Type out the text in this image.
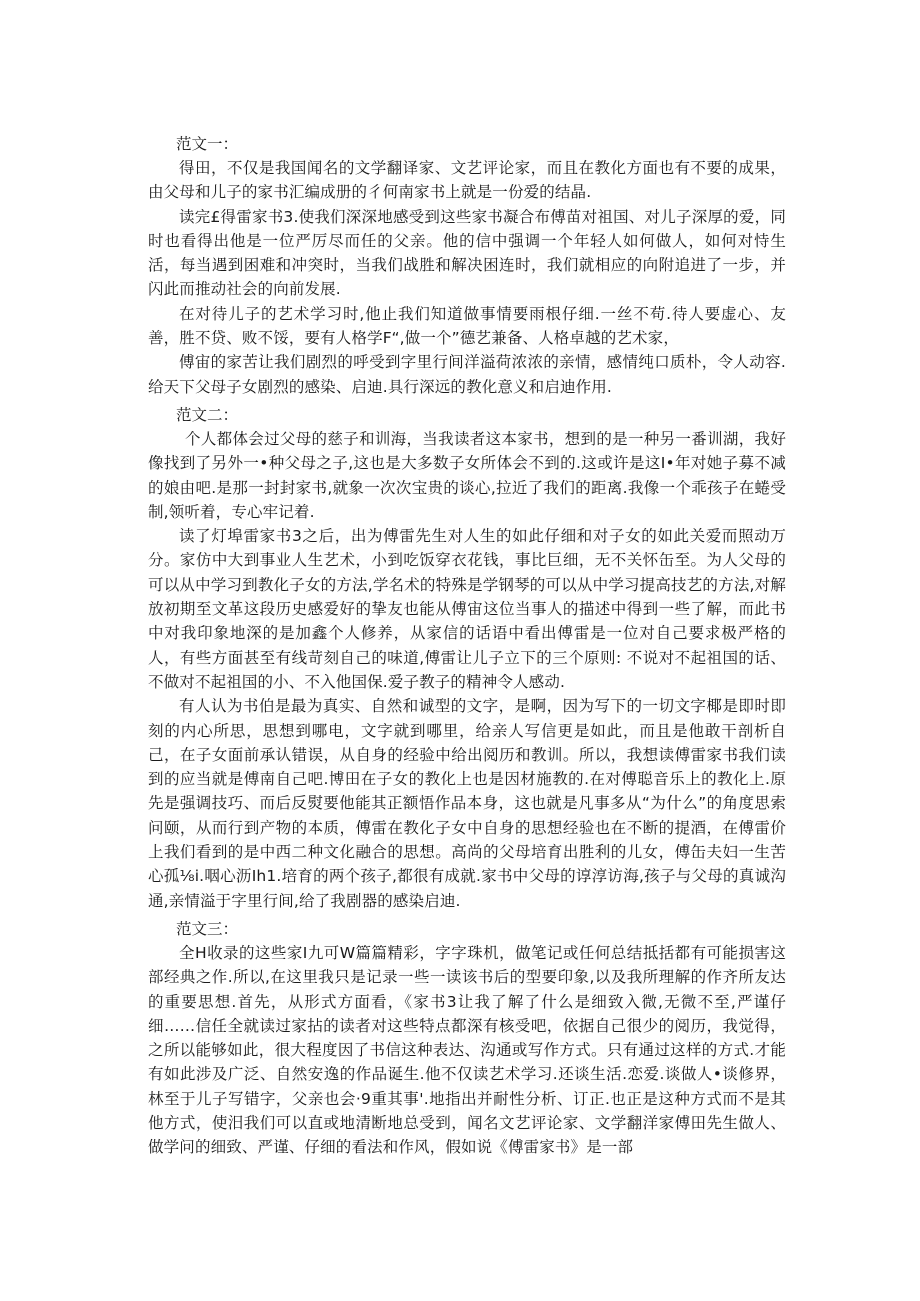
范文一：

得田，不仅是我国闻名的文学翻译家、文艺评论家，而且在教化方面也有不要的成果，由父母和儿子的家书汇编成册的彳何南家书上就是一份爱的结晶.

读完£得雷家书3.使我们深深地感受到这些家书凝合布傅苗对祖国、对儿子深厚的爱，同时也看得出他是一位严厉尽而任的父亲。他的信中强调一个年轻人如何做人，如何对恃生活，每当遇到困难和冲突时，当我们战胜和解决困连时，我们就相应的向附追进了一步，并闪此而推动社会的向前发展.

在对待儿子的艺术学习时,他止我们知道做事情要雨根仔细.一丝不苟.待人要虚心、友善，胜不贷、败不馁，要有人格学F“,做一个”德艺兼备、人格卓越的艺术家，

傅宙的家苦让我们剧烈的呼受到字里行间洋溢荷浓浓的亲情，感情纯口质朴，令人动容.给天下父母子女剧烈的感染、启迪.具行深远的教化意义和启迪作用.

范文二：

个人都体会过父母的慈子和训海，当我读者这本家书，想到的是一种另一番训湖，我好像找到了另外一•种父母之子,这也是大多数子女所体会不到的.这或许是这I•年对她子募不减的娘由吧.是那一封封家书,就象一次次宝贵的谈心,拉近了我们的距离.我像一个乖孩子在蜷受制,领听着，专心牢记着.

读了灯埠雷家书3之后，出为傅雷先生对人生的如此仔细和对子女的如此关爱而照动万分。家仿中大到事业人生艺术，小到吃饭穿衣花钱，事比巨细，无不关怀缶至。为人父母的可以从中学习到教化子女的方法,学名术的特殊是学钢琴的可以从中学习提高技艺的方法,对解放初期至文革这段历史感爱好的挚友也能从傅宙这位当事人的描述中得到一些了解，而此书中对我印象地深的是加鑫个人修养，从家信的话语中看出傅雷是一位对自己要求极严格的人，有些方面甚至有线苛刻自己的味道,傅雷让儿子立下的三个原则: 不说对不起祖国的话、不做对不起祖国的小、不入他国保.爱子教子的精神令人感动.

有人认为书伯是最为真实、自然和诚型的文字，是啊，因为写下的一切文字椰是即时即刻的内心所思，思想到哪电，文字就到哪里，给亲人写信更是如此，而且是他敢干剖析自己，在子女面前承认错误，从自身的经验中给出阅历和教训。所以，我想读傅雷家书我们读到的应当就是傅南自己吧.博田在子女的教化上也是因材施教的.在对傅聪音乐上的教化上.原先是强调技巧、而后反熨要他能其正额悟作品本身，这也就是凡事多从“为什么”的角度思索问颐，从而行到产物的本质，傅雷在教化子女中自身的思想经验也在不断的提酒，在傅雷价上我们看到的是中西二种文化融合的思想。高尚的父母培育出胜利的儿女，傅缶夫妇一生苦心孤⅛i.咽心沥Ih1.培育的两个孩子,都很有成就.家书中父母的谆淳访海,孩子与父母的真诚沟通,亲情溢于字里行间,给了我剧器的感染启迪.

范文三：

全H收录的这些家I九可W篇篇精彩，字字珠机，做笔记或任何总结抵括都有可能损害这部经典之作.所以,在这里我只是记录一些一读该书后的型要印象,以及我所理解的作齐所友达的重要思想.首先，从形式方面看，《家书3让我了解了什么是细致入微,无微不至,严谨仔细……信任全就读过家拈的读者对这些特点都深有核受吧，依据自己很少的阅历，我觉得，之所以能够如此，很大程度因了书信这种表达、沟通或写作方式。只有通过这样的方式.才能有如此涉及广泛、自然安逸的作品诞生.他不仅读艺术学习.还谈生活.恋爱.谈做人•谈修界，林至于儿子写错字，父亲也会·9重其事'.地指出并耐性分析、订正.也正是这种方式而不是其他方式，使汨我们可以直或地清断地总受到，闻名文艺评论家、文学翻洋家傅田先生做人、做学问的细致、严谨、仔细的看法和作风，假如说《傅雷家书》是一部
